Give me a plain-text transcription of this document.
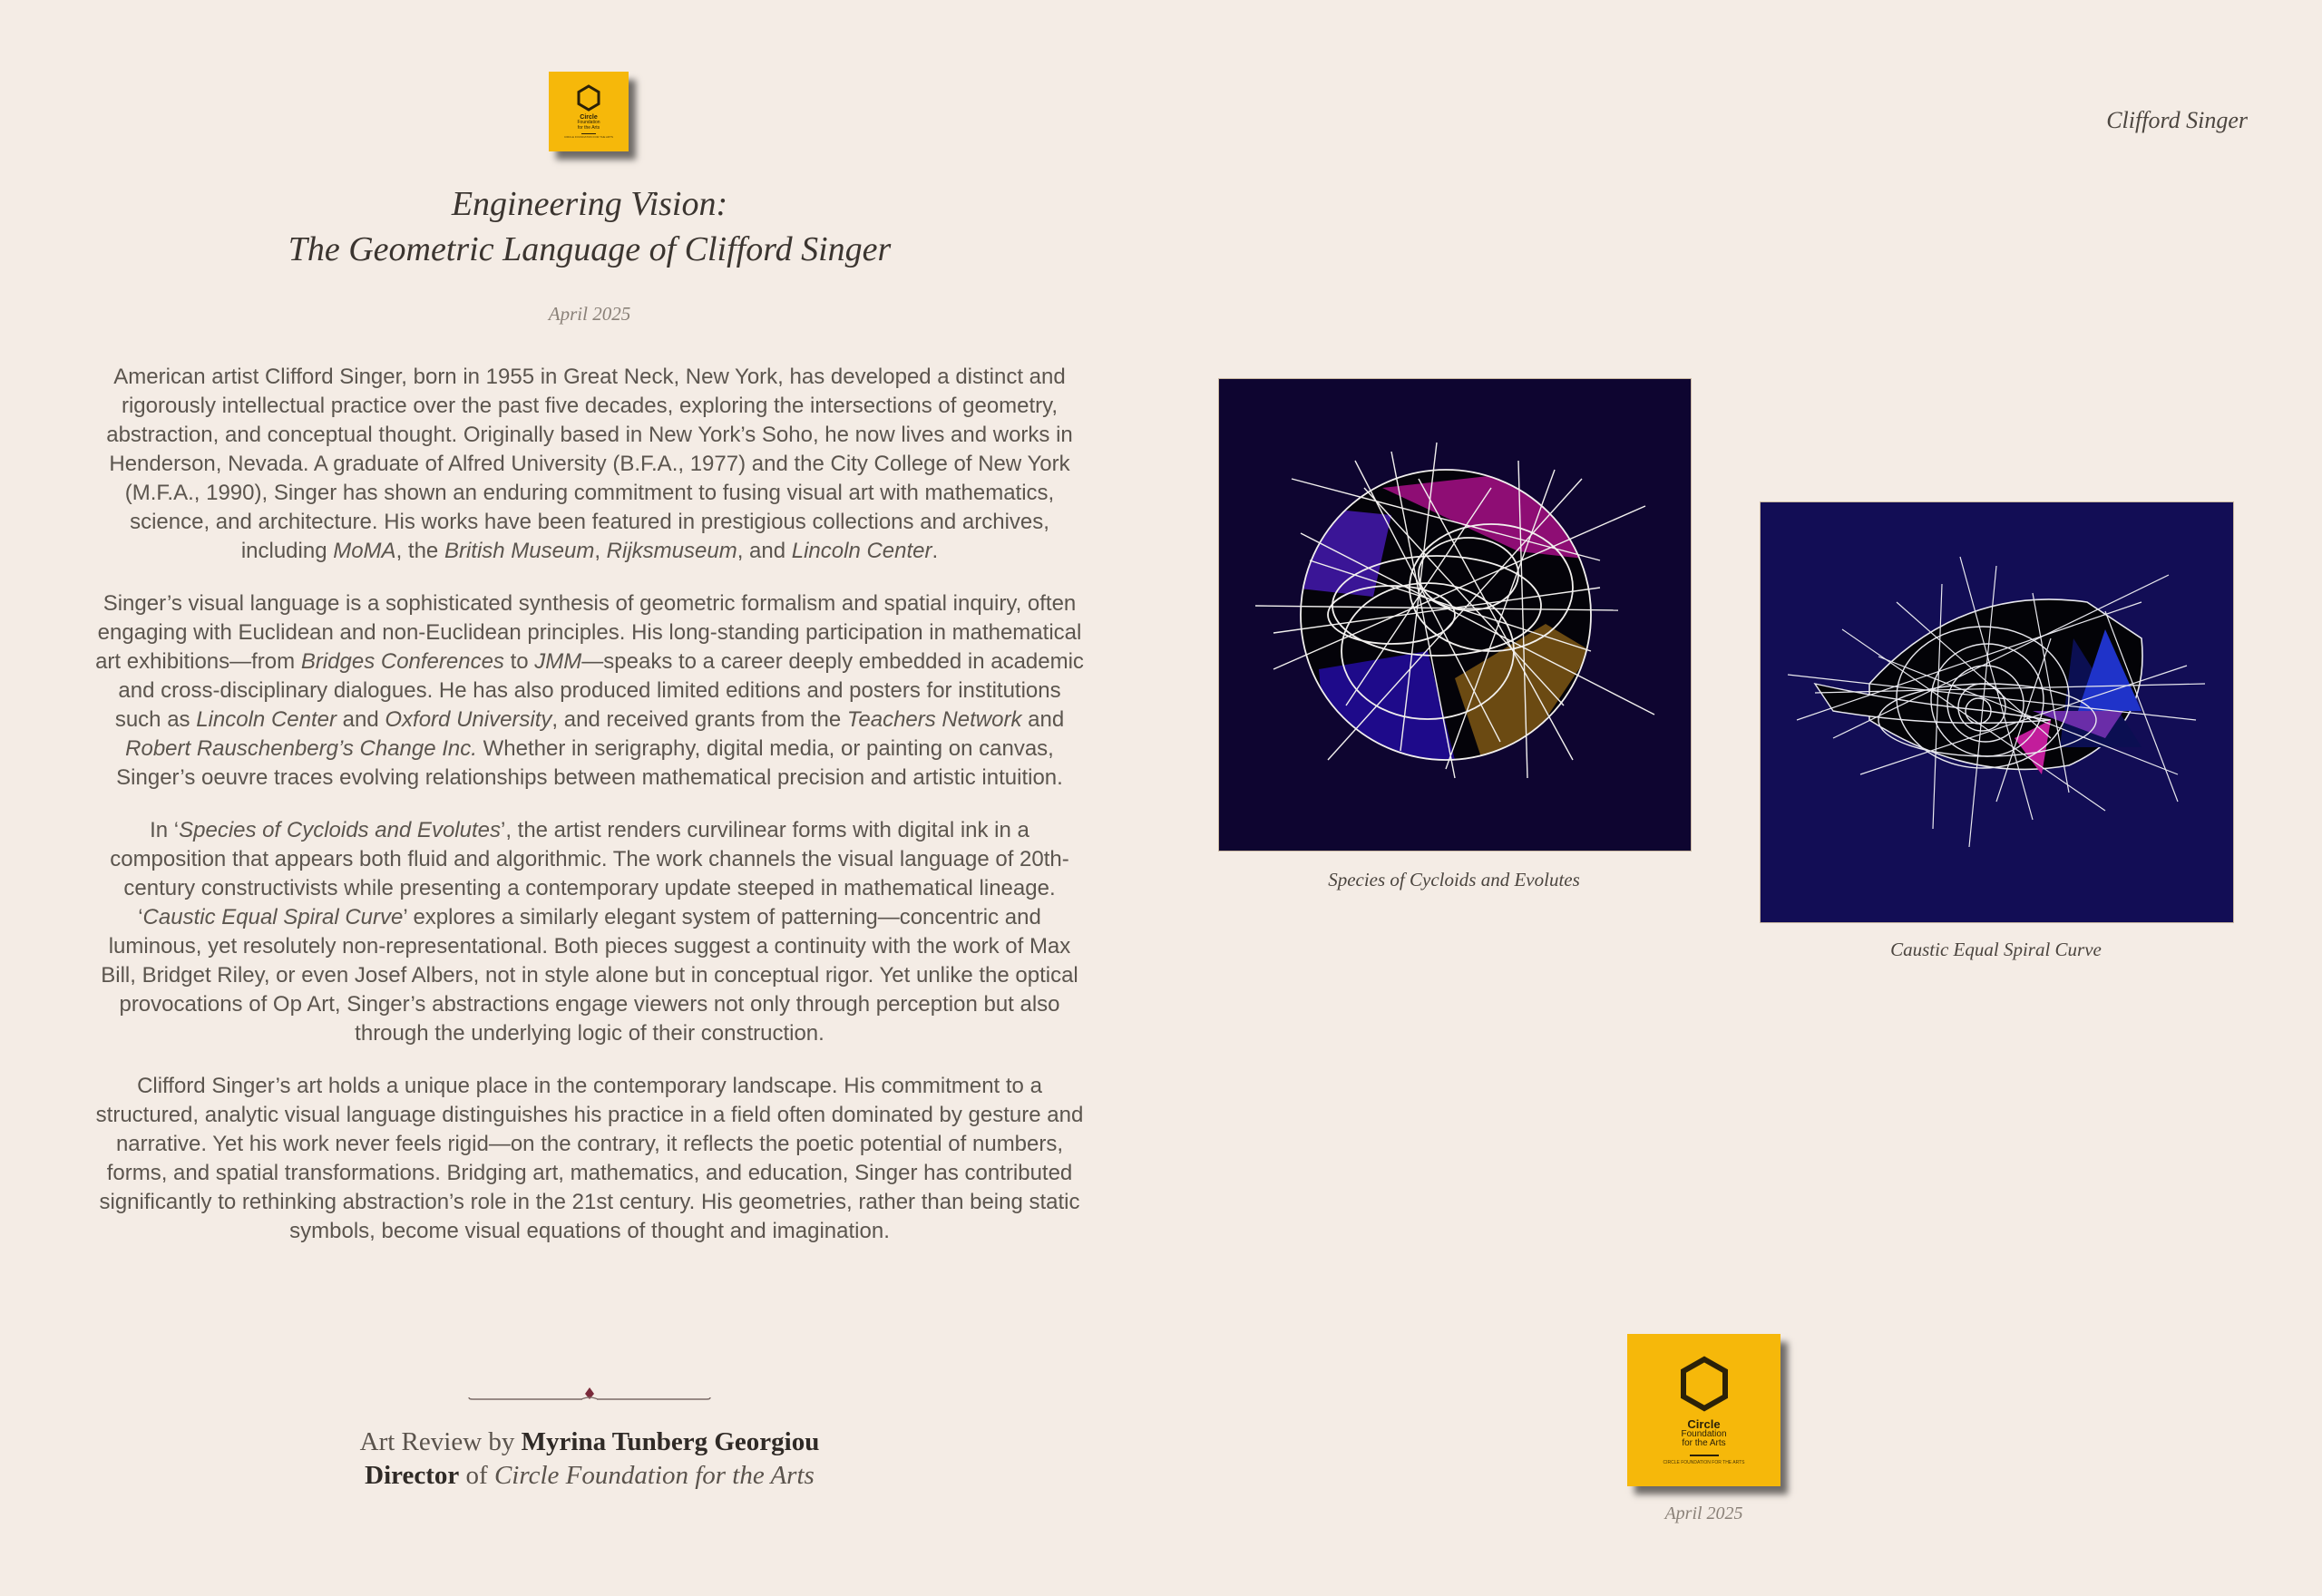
Circle
Foundation
for the Arts
CIRCLE FOUNDATION FOR THE ARTS
Engineering Vision:
The Geometric Language of Clifford Singer
April 2025
Clifford Singer

American artist Clifford Singer, born in 1955 in Great Neck, New York, has developed a distinct and rigorously intellectual practice over the past five decades, exploring the intersections of geometry, abstraction, and conceptual thought. Originally based in New York’s Soho, he now lives and works in Henderson, Nevada. A graduate of Alfred University (B.F.A., 1977) and the City College of New York (M.F.A., 1990), Singer has shown an enduring commitment to fusing visual art with mathematics, science, and architecture. His works have been featured in prestigious collections and archives, including MoMA, the British Museum, Rijksmuseum, and Lincoln Center.

Singer’s visual language is a sophisticated synthesis of geometric formalism and spatial inquiry, often engaging with Euclidean and non-Euclidean principles. His long-standing participation in mathematical art exhibitions—from Bridges Conferences to JMM—speaks to a career deeply embedded in academic and cross-disciplinary dialogues. He has also produced limited editions and posters for institutions such as Lincoln Center and Oxford University, and received grants from the Teachers Network and Robert Rauschenberg’s Change Inc. Whether in serigraphy, digital media, or painting on canvas, Singer’s oeuvre traces evolving relationships between mathematical precision and artistic intuition.

In ‘Species of Cycloids and Evolutes’, the artist renders curvilinear forms with digital ink in a composition that appears both fluid and algorithmic. The work channels the visual language of 20th-century constructivists while presenting a contemporary update steeped in mathematical lineage. ‘Caustic Equal Spiral Curve’ explores a similarly elegant system of patterning—concentric and luminous, yet resolutely non-representational. Both pieces suggest a continuity with the work of Max Bill, Bridget Riley, or even Josef Albers, not in style alone but in conceptual rigor. Yet unlike the optical provocations of Op Art, Singer’s abstractions engage viewers not only through perception but also through the underlying logic of their construction.

Clifford Singer’s art holds a unique place in the contemporary landscape. His commitment to a structured, analytic visual language distinguishes his practice in a field often dominated by gesture and narrative. Yet his work never feels rigid—on the contrary, it reflects the poetic potential of numbers, forms, and spatial transformations. Bridging art, mathematics, and education, Singer has contributed significantly to rethinking abstraction’s role in the 21st century. His geometries, rather than being static symbols, become visual equations of thought and imagination.

Art Review by Myrina Tunberg Georgiou
Director of Circle Foundation for the Arts
Species of Cycloids and Evolutes
Caustic Equal Spiral Curve
Circle
Foundation
for the Arts
CIRCLE FOUNDATION FOR THE ARTS
April 2025
